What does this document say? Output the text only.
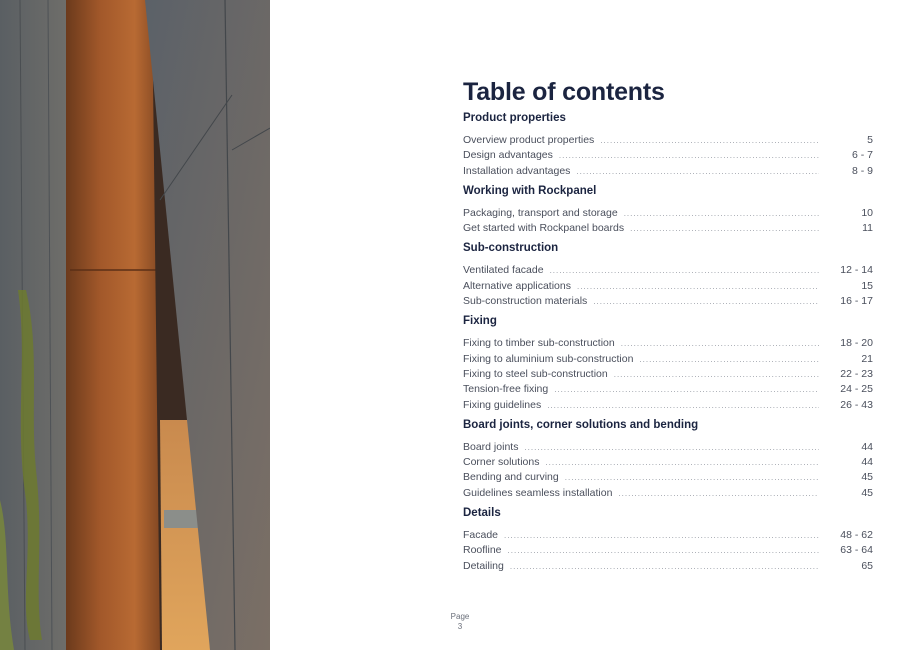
Table of contents
Product properties
Overview product properties .....	5
Design advantages .....	6 - 7
Installation advantages .....	8 - 9
Working with Rockpanel
Packaging, transport and storage .....	10
Get started with Rockpanel boards .....	11
Sub-construction
Ventilated facade .....	12 - 14
Alternative applications .....	15
Sub-construction materials .....	16 - 17
Fixing
Fixing to timber sub-construction .....	18 - 20
Fixing to aluminium sub-construction .....	21
Fixing to steel sub-construction .....	22 - 23
Tension-free fixing .....	24 - 25
Fixing guidelines .....	26 - 43
Board joints, corner solutions and bending
Board joints .....	44
Corner solutions .....	44
Bending and curving .....	45
Guidelines seamless installation .....	45
Details
Facade .....	48 - 62
Roofline .....	63 - 64
Detailing .....	65
Page
3
